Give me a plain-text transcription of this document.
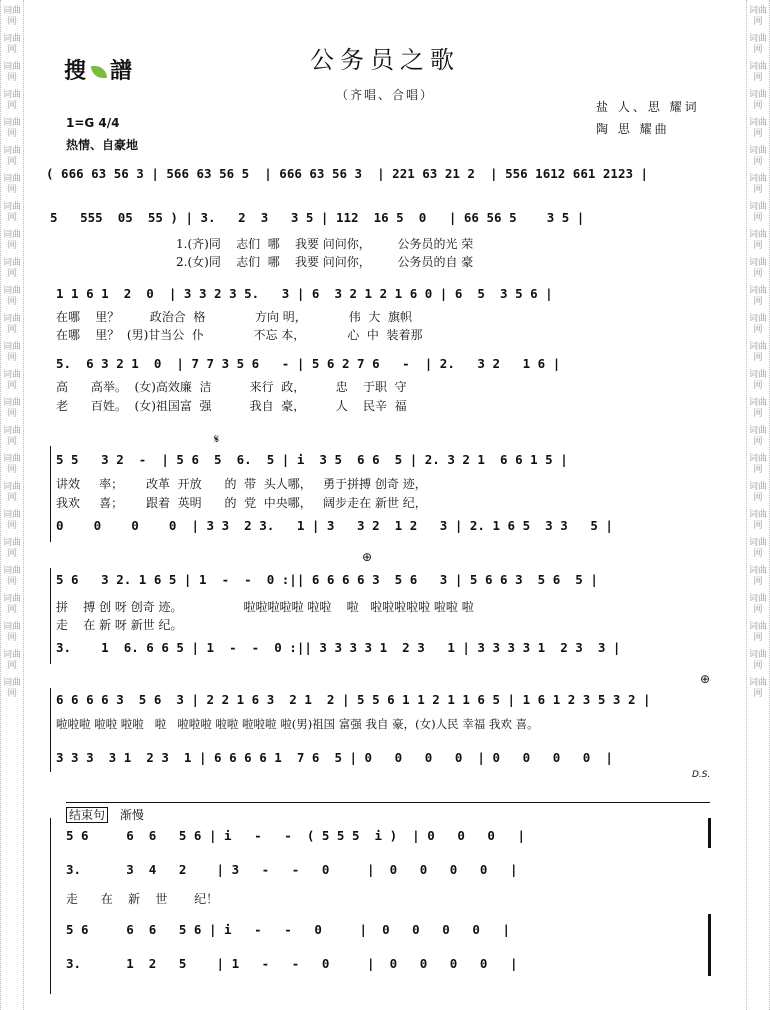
词曲网
词曲网
词曲网
词曲网
词曲网
词曲网
词曲网
词曲网
词曲网
词曲网
词曲网
词曲网
词曲网
词曲网
词曲网
词曲网
词曲网
词曲网
词曲网
词曲网
词曲网
词曲网
词曲网
词曲网
词曲网
词曲网
词曲网
词曲网
词曲网
词曲网
词曲网
词曲网
词曲网
词曲网
词曲网
词曲网
词曲网
词曲网
词曲网
词曲网
词曲网
词曲网
词曲网
词曲网
词曲网
词曲网
词曲网
词曲网
词曲网
词曲网
搜 譜	公务员之歌
（齐唱、合唱）
盐 人、思 耀词
陶 思 耀曲
1=G 4/4
热情、自豪地
( 666 63 56 3 | 566 63 56 5  | 666 63 56 3  | 221 63 21 2  | 556 1612 661 2123 |
5   555  05  55 ) | 3.   2  3   3 5 | 112  16 5  0   | 66 56 5    3 5 |
1.(齐)同    志们  哪    我要 问问你，       公务员的光 荣
2.(女)同    志们  哪    我要 问问你，       公务员的自 豪
1 1 6 1  2  0  | 3 3 2 3 5.   3 | 6  3 2 1 2 1 6 0 | 6  5  3 5 6 |
在哪    里？        政治合  格             方向 明，           伟  大  旗帜
在哪    里？  (男)甘当公  仆             不忘 本，           心  中  装着那
5.  6 3 2 1  0  | 7 7 3 5 6   - | 5 6 2 7 6   -  | 2.   3 2   1 6 |
高      高举。  (女)高效廉  洁          来行  政，        忠    于职  守
老      百姓。  (女)祖国富  强          我自  豪，        人    民辛  福
𝄋
5 5   3 2  -  | 5 6  5  6.  5 | i  3 5  6 6  5 | 2. 3 2 1  6 6 1 5 |
讲效     率；      改革  开放      的  带  头人哪，   勇于拼搏 创奇 迹，
我欢     喜；      跟着  英明      的  党  中央哪，   阔步走在 新世 纪，
0    0    0    0  | 3 3  2 3.   1 | 3   3 2  1 2   3 | 2. 1 6 5  3 3   5 |
⊕
5 6   3 2. 1 6 5 | 1  -  -  0 :|| 6 6 6 6 3  5 6   3 | 5 6 6 3  5 6  5 |
拼    搏 创 呀 创奇 迹。                啦啦啦啦啦 啦啦    啦   啦啦啦啦啦 啦啦 啦
走    在 新 呀 新世 纪。
3.    1  6. 6 6 5 | 1  -  -  0 :|| 3 3 3 3 1  2 3   1 | 3 3 3 3 1  2 3  3 |
⊕
6 6 6 6 3  5 6  3 | 2 2 1 6 3  2 1  2 | 5 5 6 1 1 2 1 1 6 5 | 1 6 1 2 3 5 3 2 |
啦啦啦 啦啦 啦啦   啦   啦啦啦 啦啦 啦啦啦 啦(男)祖国 富强 我自 豪，(女)人民 幸福 我欢 喜。
3 3 3  3 1  2 3  1 | 6 6 6 6 1  7 6  5 | 0   0   0   0  | 0   0   0   0  |
D.S.
结束句 渐慢
5 6     6  6   5 6 | i   -   -  ( 5 5 5  i )  | 0   0   0   |
3.      3  4   2    | 3   -   -   0     |  0   0   0   0   |
走      在    新    世       纪！
5 6     6  6   5 6 | i   -   -   0     |  0   0   0   0   |
3.      1  2   5    | 1   -   -   0     |  0   0   0   0   |
